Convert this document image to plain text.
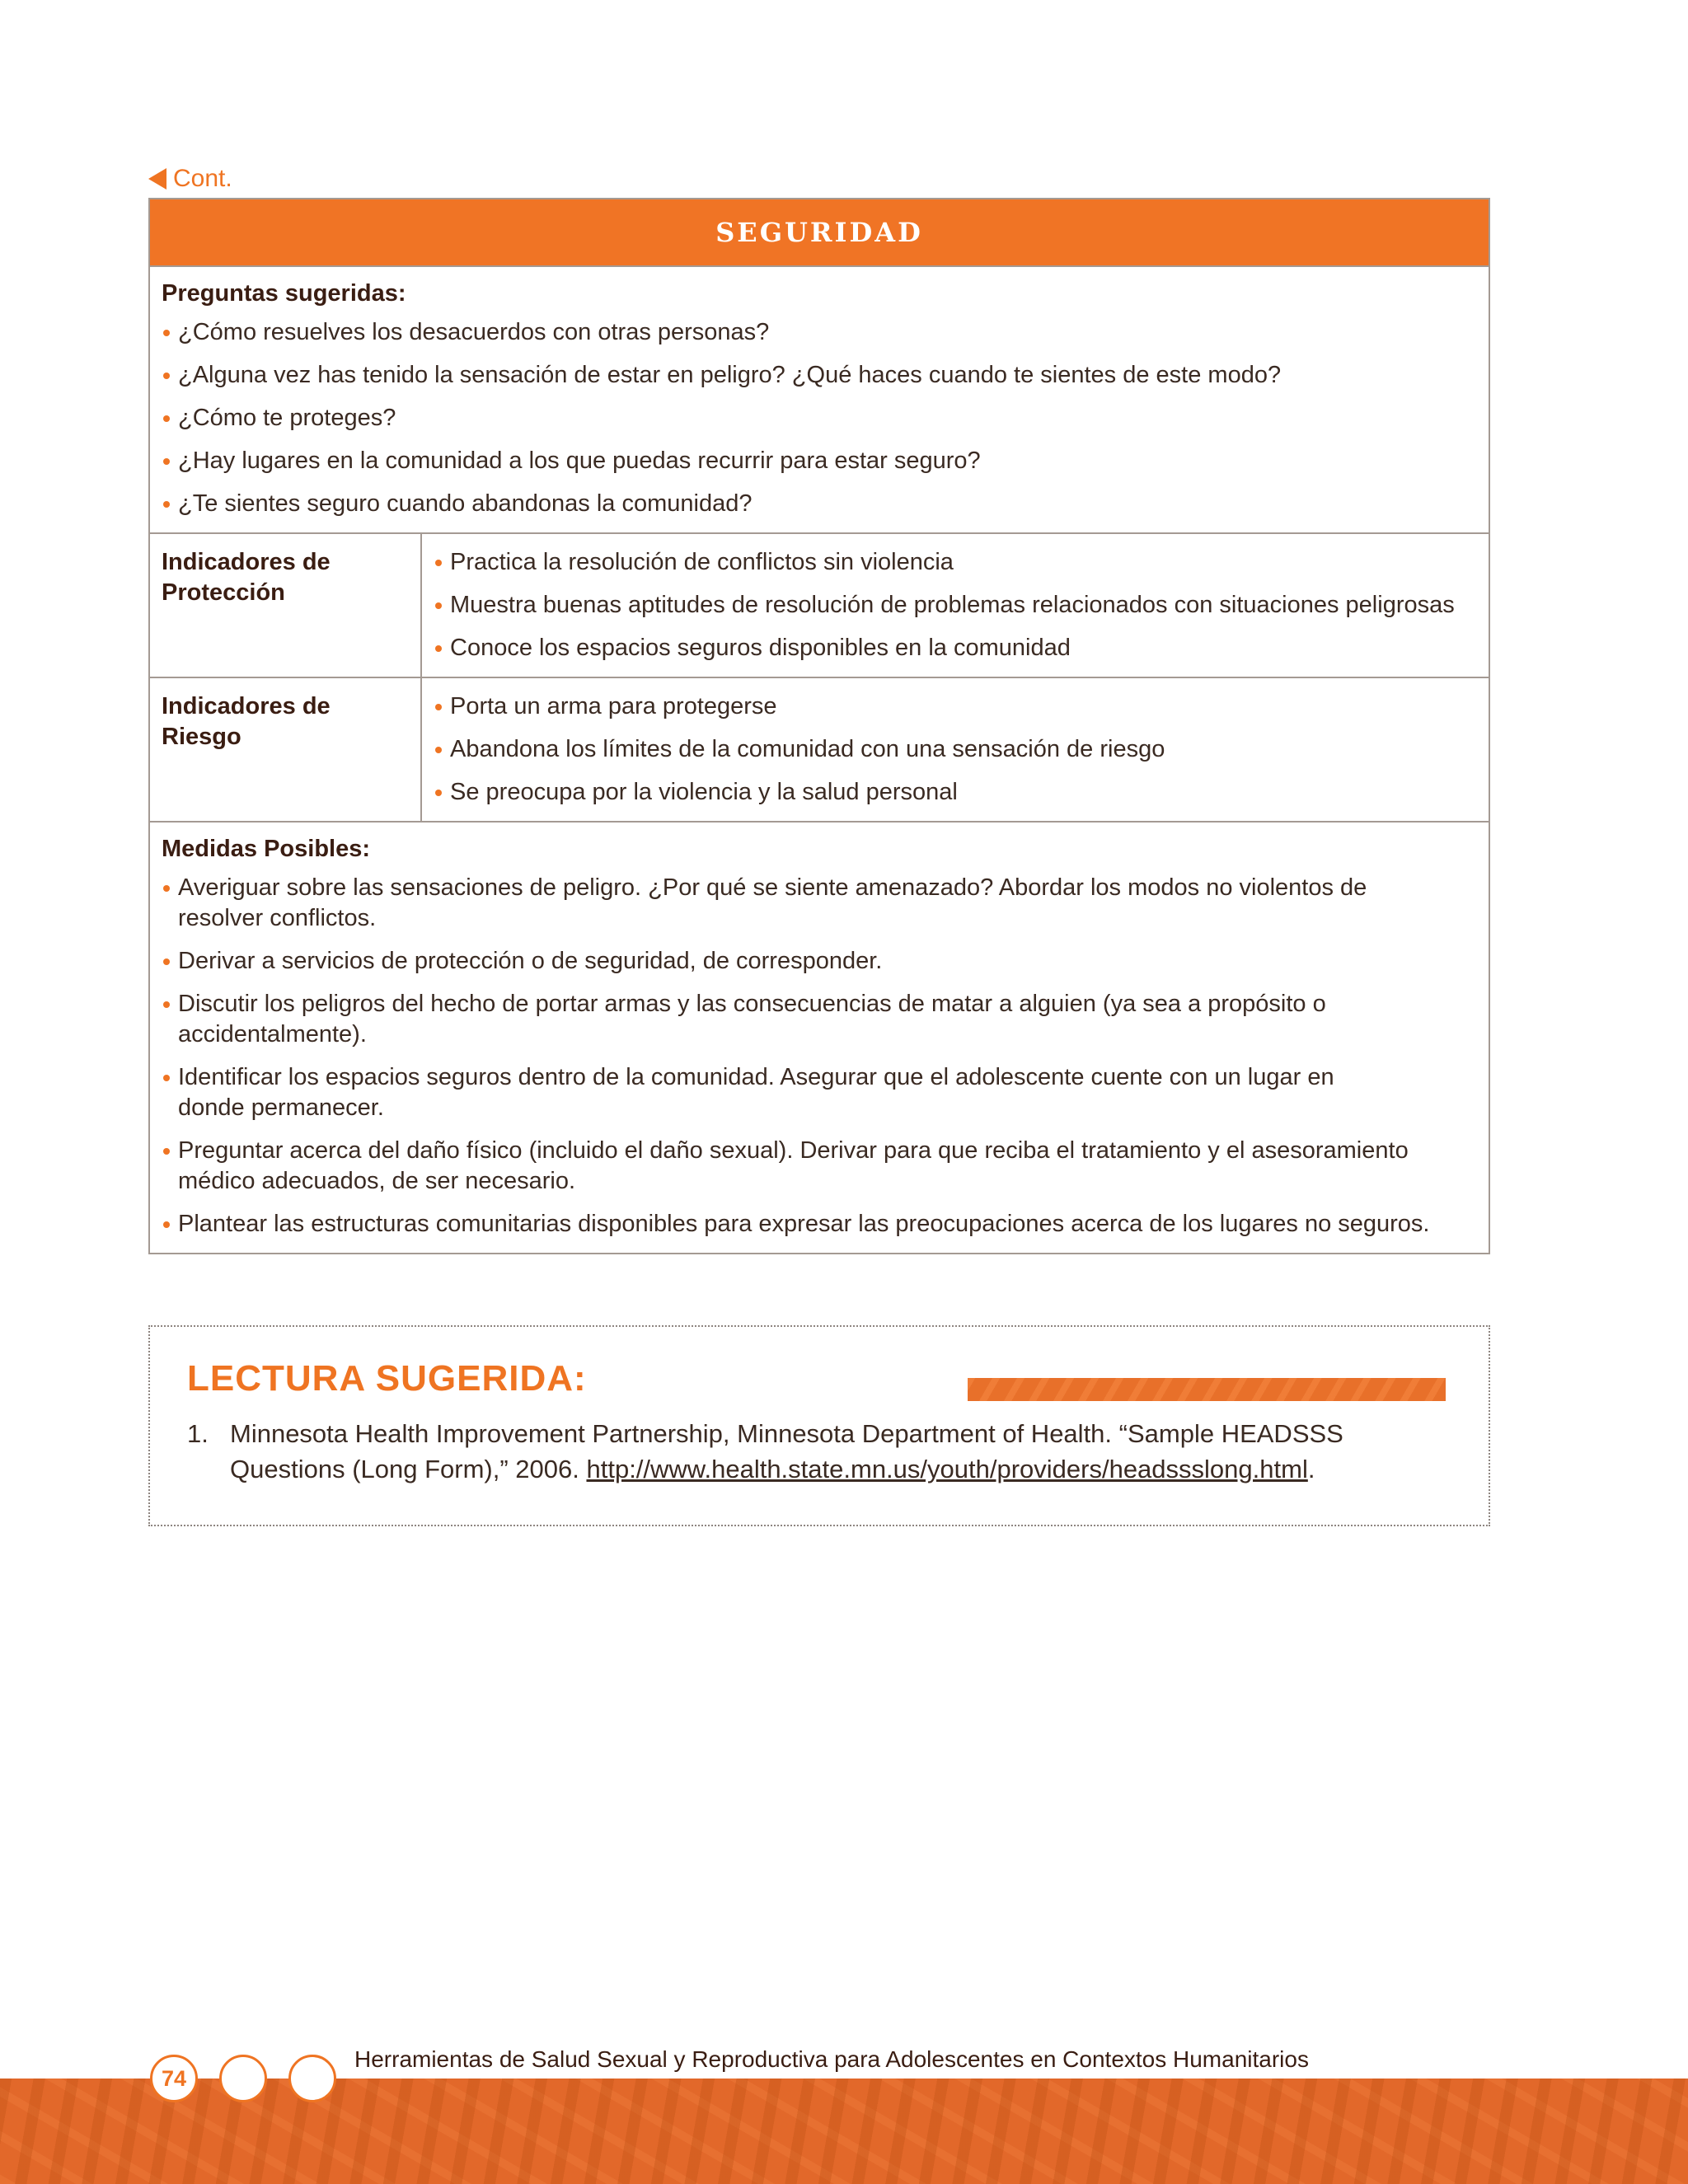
Cont.
SEGURIDAD
Preguntas sugeridas:
¿Cómo resuelves los desacuerdos con otras personas?
¿Alguna vez has tenido la sensación de estar en peligro? ¿Qué haces cuando te sientes de este modo?
¿Cómo te proteges?
¿Hay lugares en la comunidad a los que puedas recurrir para estar seguro?
¿Te sientes seguro cuando abandonas la comunidad?
Indicadores de Protección
Practica la resolución de conflictos sin violencia
Muestra buenas aptitudes de resolución de problemas relacionados con situaciones peligrosas
Conoce los espacios seguros disponibles en la comunidad
Indicadores de Riesgo
Porta un arma para protegerse
Abandona los límites de la comunidad con una sensación de riesgo
Se preocupa por la violencia y la salud personal
Medidas Posibles:
Averiguar sobre las sensaciones de peligro. ¿Por qué se siente amenazado? Abordar los modos no violentos de resolver conflictos.
Derivar a servicios de protección o de seguridad, de corresponder.
Discutir los peligros del hecho de portar armas y las consecuencias de matar a alguien (ya sea a propósito o accidentalmente).
Identificar los espacios seguros dentro de la comunidad. Asegurar que el adolescente cuente con un lugar en donde permanecer.
Preguntar acerca del daño físico (incluido el daño sexual). Derivar para que reciba el tratamiento y el asesoramiento médico adecuados, de ser necesario.
Plantear las estructuras comunitarias disponibles para expresar las preocupaciones acerca de los lugares no seguros.
LECTURA SUGERIDA:
1. Minnesota Health Improvement Partnership, Minnesota Department of Health. “Sample HEADSSS Questions (Long Form),” 2006. http://www.health.state.mn.us/youth/providers/headssslong.html.
74
Herramientas de Salud Sexual y Reproductiva para Adolescentes en Contextos Humanitarios
